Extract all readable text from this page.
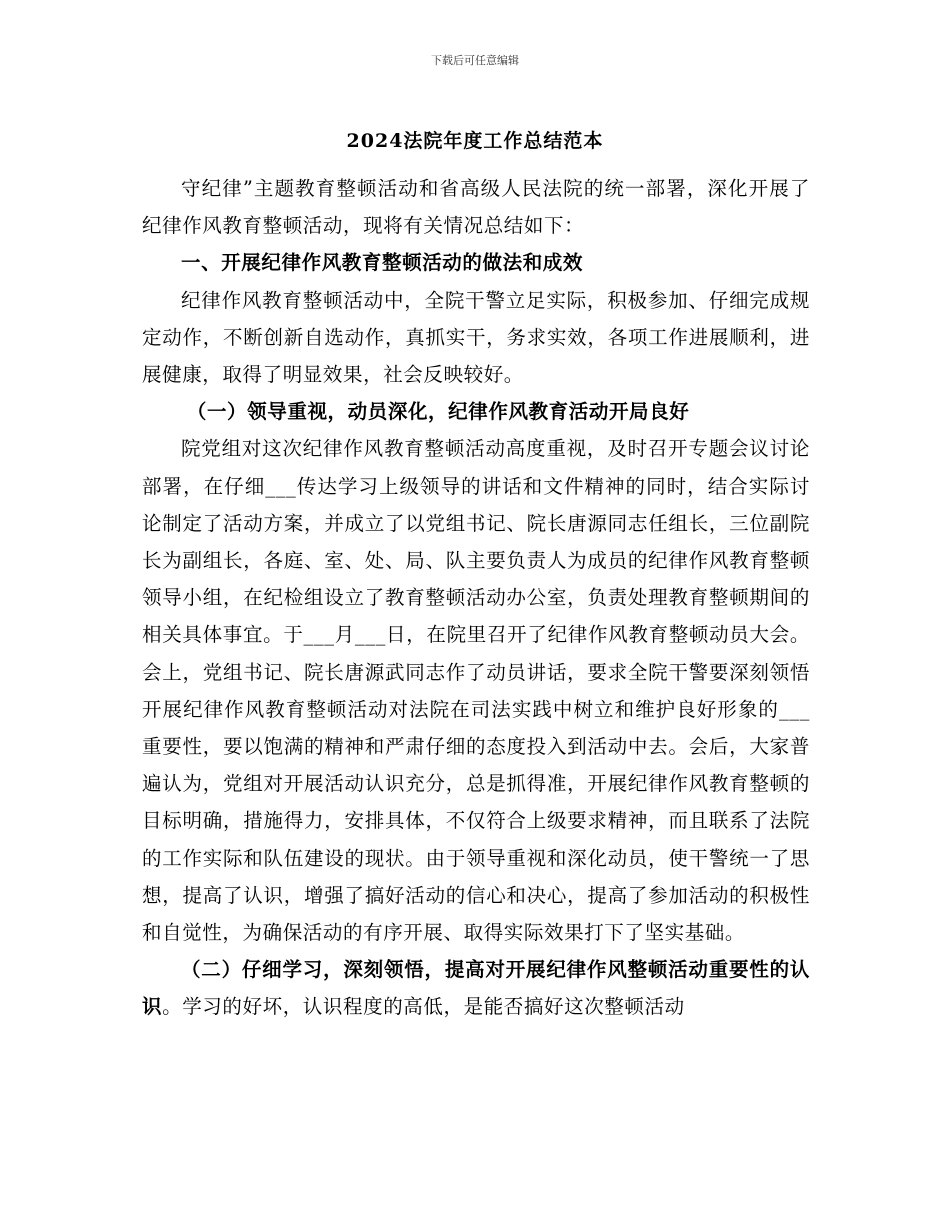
下载后可任意编辑
2024法院年度工作总结范本

守纪律”主题教育整顿活动和省高级人民法院的统一部署，深化开展了纪律作风教育整顿活动，现将有关情况总结如下：

一、开展纪律作风教育整顿活动的做法和成效

纪律作风教育整顿活动中，全院干警立足实际，积极参加、仔细完成规定动作，不断创新自选动作，真抓实干，务求实效，各项工作进展顺利，进展健康，取得了明显效果，社会反映较好。

（一）领导重视，动员深化，纪律作风教育活动开局良好

院党组对这次纪律作风教育整顿活动高度重视，及时召开专题会议讨论部署，在仔细___传达学习上级领导的讲话和文件精神的同时，结合实际讨论制定了活动方案，并成立了以党组书记、院长唐源同志任组长，三位副院长为副组长，各庭、室、处、局、队主要负责人为成员的纪律作风教育整顿领导小组，在纪检组设立了教育整顿活动办公室，负责处理教育整顿期间的相关具体事宜。于___月___日，在院里召开了纪律作风教育整顿动员大会。会上，党组书记、院长唐源武同志作了动员讲话，要求全院干警要深刻领悟开展纪律作风教育整顿活动对法院在司法实践中树立和维护良好形象的___重要性，要以饱满的精神和严肃仔细的态度投入到活动中去。会后，大家普遍认为，党组对开展活动认识充分，总是抓得准，开展纪律作风教育整顿的目标明确，措施得力，安排具体，不仅符合上级要求精神，而且联系了法院的工作实际和队伍建设的现状。由于领导重视和深化动员，使干警统一了思想，提高了认识，增强了搞好活动的信心和决心，提高了参加活动的积极性和自觉性，为确保活动的有序开展、取得实际效果打下了坚实基础。

（二）仔细学习，深刻领悟，提高对开展纪律作风整顿活动重要性的认识。学习的好坏，认识程度的高低，是能否搞好这次整顿活动
